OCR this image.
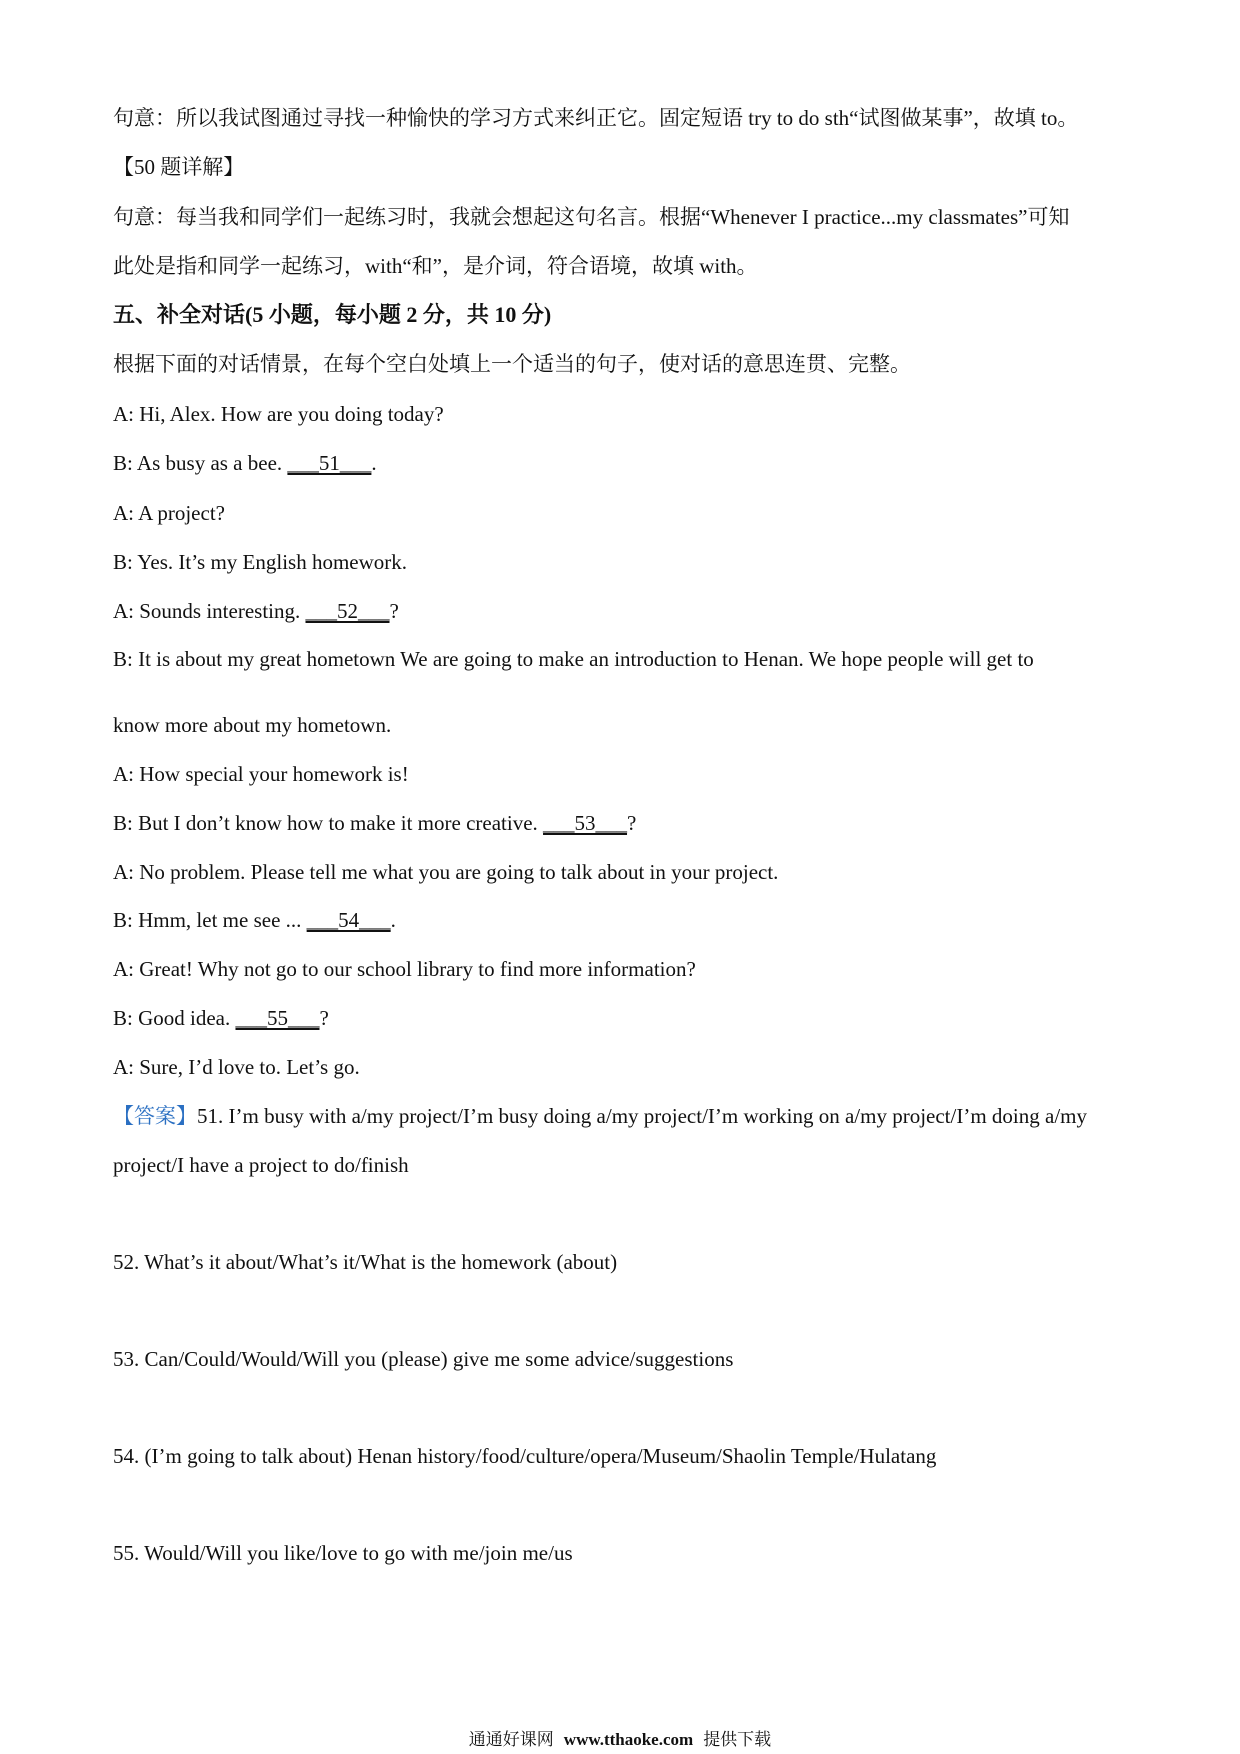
句意：所以我试图通过寻找一种愉快的学习方式来纠正它。固定短语 try to do sth“试图做某事”，故填 to。
【50 题详解】
句意：每当我和同学们一起练习时，我就会想起这句名言。根据“Whenever I practice...my classmates”可知
此处是指和同学一起练习，with“和”，是介词，符合语境，故填 with。
五、补全对话(5 小题，每小题 2 分，共 10 分)
根据下面的对话情景，在每个空白处填上一个适当的句子，使对话的意思连贯、完整。
A: Hi, Alex. How are you doing today?
B: As busy as a bee. ___51___.
A: A project?
B: Yes. It’s my English homework.
A: Sounds interesting. ___52___?
B: It is about my great hometown We are going to make an introduction to Henan. We hope people will get to
know more about my hometown.
A: How special your homework is!
B: But I don’t know how to make it more creative. ___53___?
A: No problem. Please tell me what you are going to talk about in your project.
B: Hmm, let me see ... ___54___.
A: Great! Why not go to our school library to find more information?
B: Good idea. ___55___?
A: Sure, I’d love to. Let’s go.
【答案】51. I’m busy with a/my project/I’m busy doing a/my project/I’m working on a/my project/I’m doing a/my
project/I have a project to do/finish
52. What’s it about/What’s it/What is the homework (about)
53. Can/Could/Would/Will you (please) give me some advice/suggestions
54. (I’m going to talk about) Henan history/food/culture/opera/Museum/Shaolin Temple/Hulatang
55. Would/Will you like/love to go with me/join me/us
通通好课网 www.tthaoke.com 提供下载
